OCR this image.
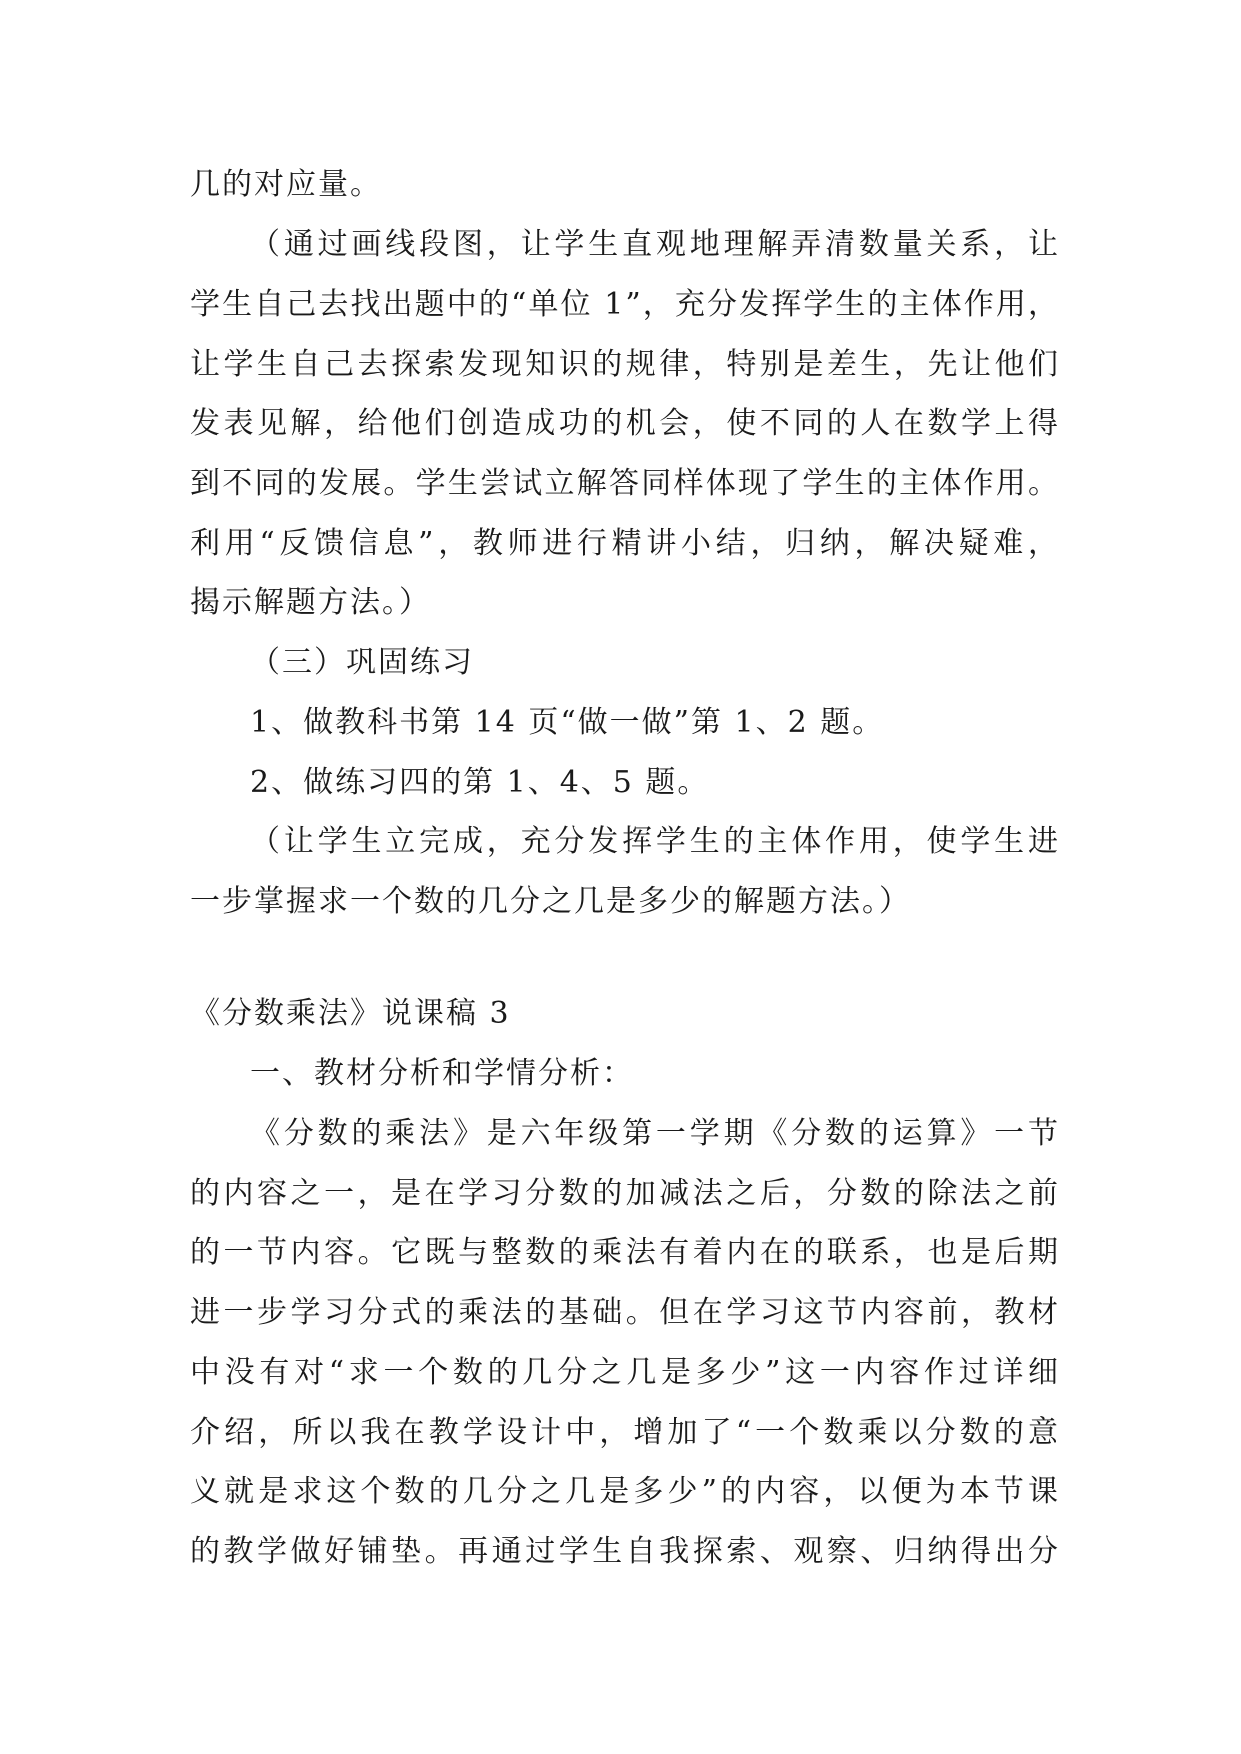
几的对应量。
（通过画线段图，让学生直观地理解弄清数量关系，让
学生自己去找出题中的“单位 1”，充分发挥学生的主体作用，
让学生自己去探索发现知识的规律，特别是差生，先让他们
发表见解，给他们创造成功的机会，使不同的人在数学上得
到不同的发展。学生尝试立解答同样体现了学生的主体作用。
利用“反馈信息”，教师进行精讲小结，归纳，解决疑难，
揭示解题方法。）
（三）巩固练习
1、做教科书第 14 页“做一做”第 1、2 题。
2、做练习四的第 1、4、5 题。
（让学生立完成，充分发挥学生的主体作用，使学生进
一步掌握求一个数的几分之几是多少的解题方法。）
《分数乘法》说课稿 3
一、教材分析和学情分析：
《分数的乘法》是六年级第一学期《分数的运算》一节
的内容之一，是在学习分数的加减法之后，分数的除法之前
的一节内容。它既与整数的乘法有着内在的联系，也是后期
进一步学习分式的乘法的基础。但在学习这节内容前，教材
中没有对“求一个数的几分之几是多少”这一内容作过详细
介绍，所以我在教学设计中，增加了“一个数乘以分数的意
义就是求这个数的几分之几是多少”的内容，以便为本节课
的教学做好铺垫。再通过学生自我探索、观察、归纳得出分
